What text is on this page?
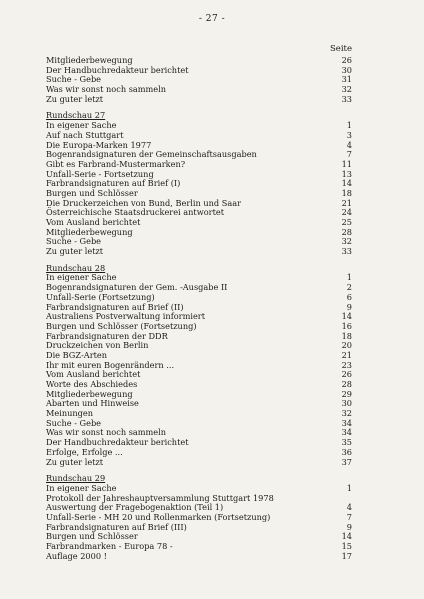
- 27 -
Seite
Mitgliederbewegung	26
Der Handbuchredakteur berichtet	30
Suche - Gebe	31
Was wir sonst noch sammeln	32
Zu guter letzt	33
Rundschau 27
In eigener Sache	1
Auf nach Stuttgart	3
Die Europa-Marken 1977	4
Bogenrandsignaturen der Gemeinschaftsausgaben	7
Gibt es Farbrand-Mustermarken?	11
Unfall-Serie - Fortsetzung	13
Farbrandsignaturen auf Brief (I)	14
Burgen und Schlösser	18
Die Druckerzeichen von Bund, Berlin und Saar	21
Österreichische Staatsdruckerei antwortet	24
Vom Ausland berichtet	25
Mitgliederbewegung	28
Suche - Gebe	32
Zu guter letzt	33
Rundschau 28
In eigener Sache	1
Bogenrandsignaturen der Gem. -Ausgabe II	2
Unfall-Serie (Fortsetzung)	6
Farbrandsignaturen auf Brief (II)	9
Australiens Postverwaltung informiert	14
Burgen und Schlösser (Fortsetzung)	16
Farbrandsignaturen der DDR	18
Druckzeichen von Berlin	20
Die BGZ-Arten	21
Ihr mit euren Bogenrändern ...	23
Vom Ausland berichtet	26
Worte des Abschiedes	28
Mitgliederbewegung	29
Abarten und Hinweise	30
Meinungen	32
Suche - Gebe	34
Was wir sonst noch sammeln	34
Der Handbuchredakteur berichtet	35
Erfolge, Erfolge ...	36
Zu guter letzt	37
Rundschau 29
In eigener Sache	1
Protokoll der Jahreshauptversammlung Stuttgart 1978
Auswertung der Fragebogenaktion (Teil 1)	4
Unfall-Serie - MH 20 und Rollenmarken (Fortsetzung)	7
Farbrandsignaturen auf Brief (III)	9
Burgen und Schlösser	14
Farbrandmarken - Europa 78 -	15
Auflage 2000 !	17
